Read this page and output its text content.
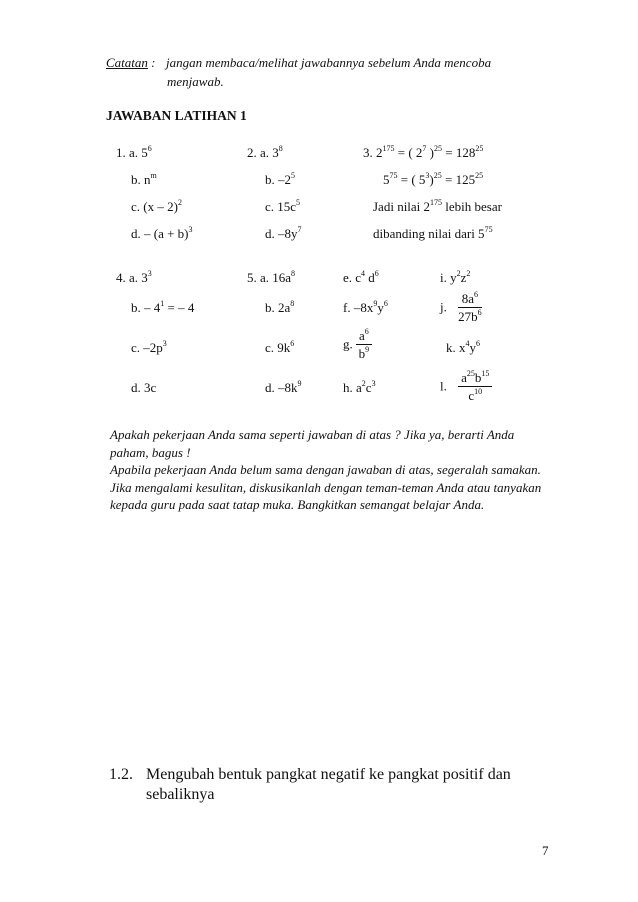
Catatan : jangan membaca/melihat jawabannya sebelum Anda mencoba
menjawab.
JAWABAN LATIHAN 1
1. a. $5^6$
b. $n^m$
c. (x – 2)$^2$
d. – $(a + b)^3$
2. a. $3^8$
b. $-2^5$
c. $15c^5$
d. $-8y^7$
3. $2^{175}$ = ( $2^7$ )$^{25} = 128^{25}$
$5^{75}$ = ( $5^3)^{25} = 125^{25}$
Jadi nilai $2^{175}$ lebih besar
dibanding nilai dari $5^{75}$
4. a. $3^3$
b. – $4^1$ = – 4
c. $-2p^3$
d. 3c
5. a. $16a^8$
b. $2a^8$
c. $9k^6$
d. $-8k^9$
e. $c^4$ $d^6$
f. $-8x^9y^6$
g. $\frac{a^6}{b^9}$
h. $a^2c^3$
i. $y^2z^2$
j. $\frac{8a^6}{27b^6}$
k. $x^4y^6$
l. $\frac{a^{25}b^{15}}{c^{10}}$

Apakah pekerjaan Anda sama seperti jawaban di atas ? Jika ya, berarti Anda paham, bagus !

Apabila pekerjaan Anda belum sama dengan jawaban di atas, segeralah samakan.

Jika mengalami kesulitan, diskusikanlah dengan teman-teman Anda atau tanyakan kepada guru pada saat tatap muka. Bangkitkan semangat belajar Anda.

1.2. Mengubah bentuk pangkat negatif ke pangkat positif dan sebaliknya
7
